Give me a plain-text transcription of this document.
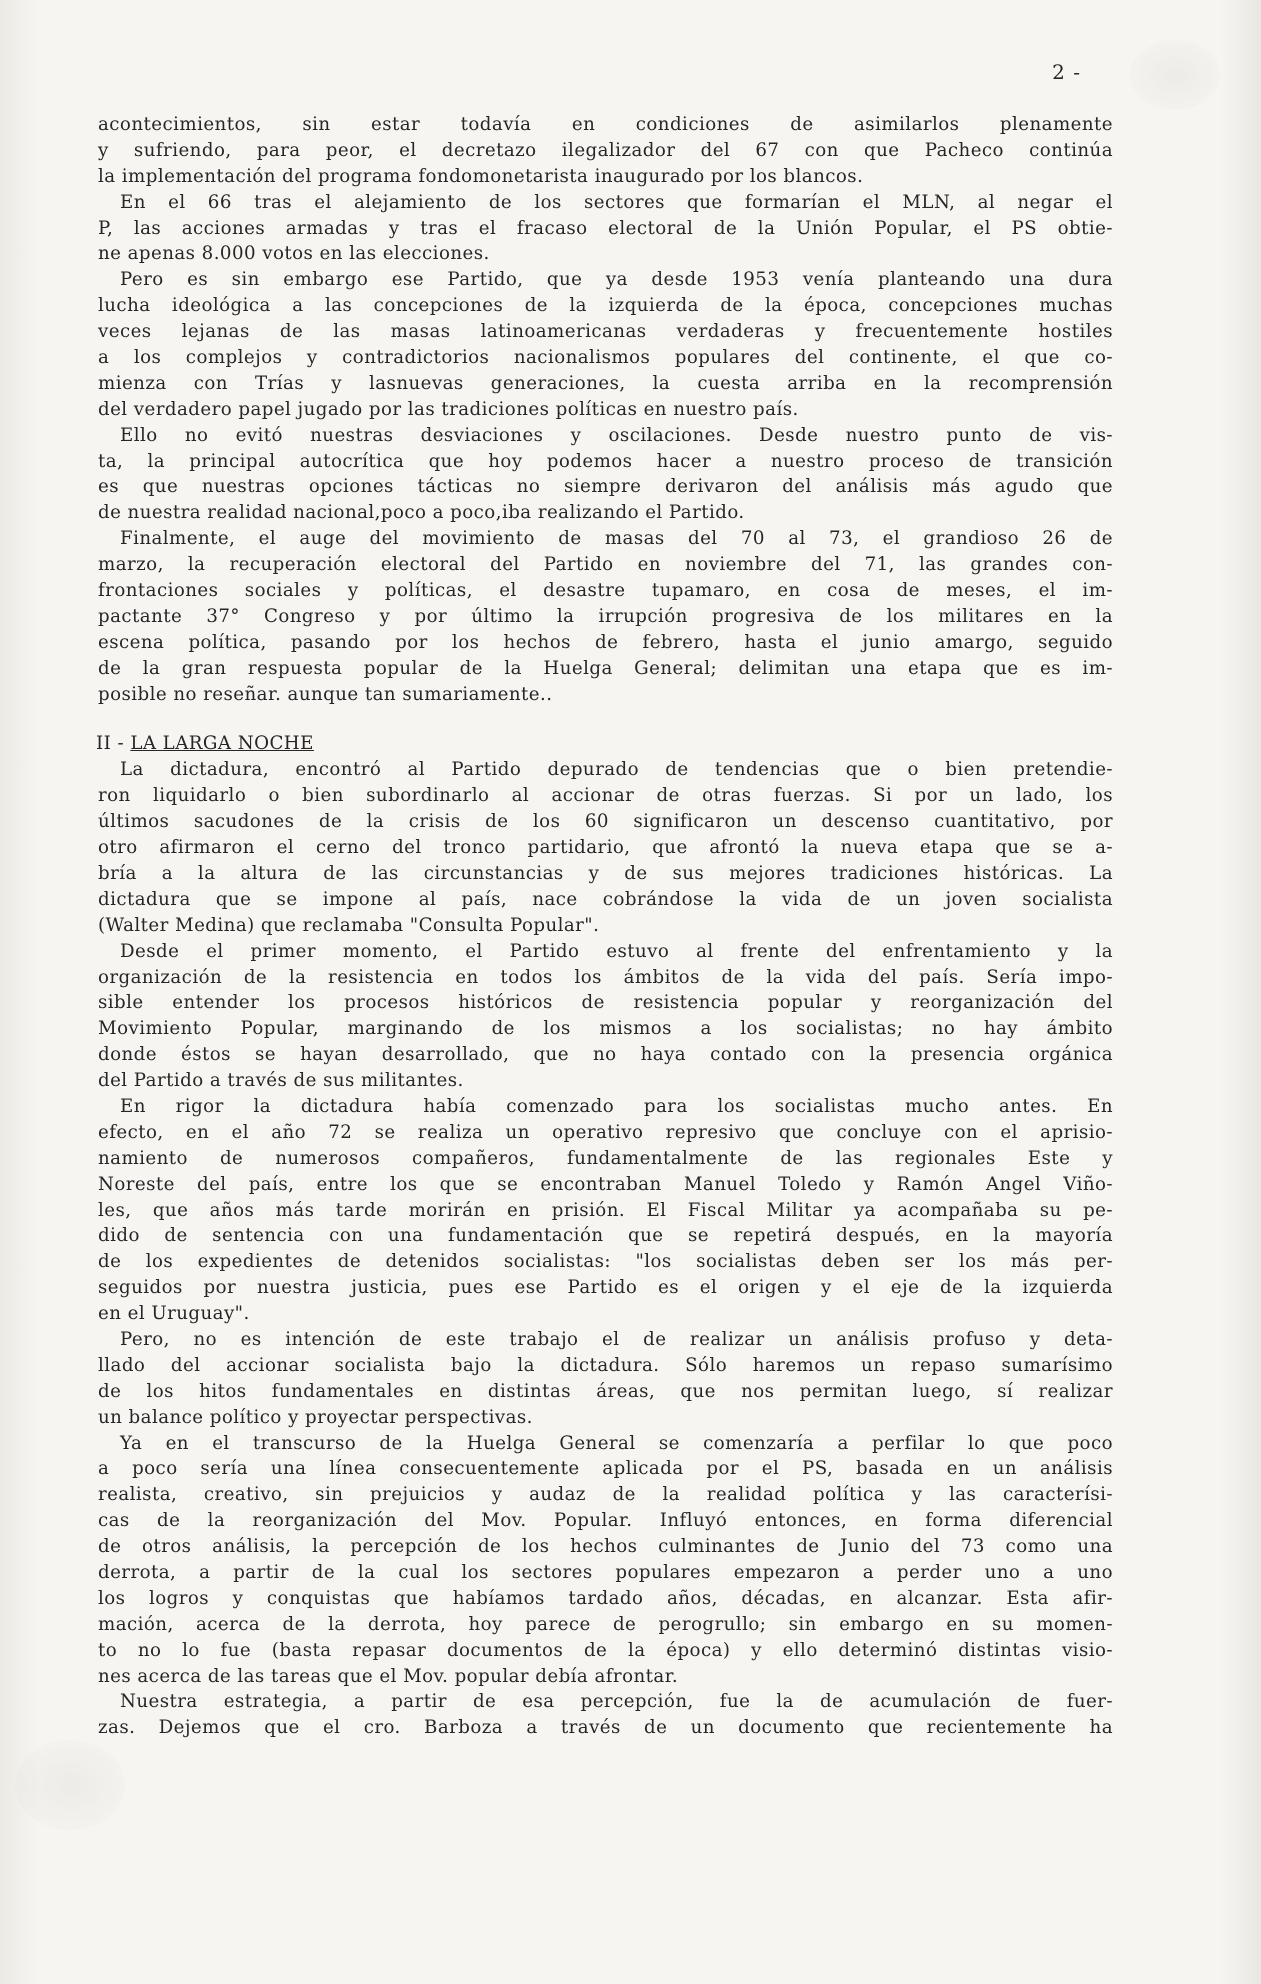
2 -
acontecimientos, sin estar todavía en condiciones de asimilarlos plenamente
y sufriendo, para peor, el decretazo ilegalizador del 67 con que Pacheco continúa
la implementación del programa fondomonetarista inaugurado por los blancos.
En el 66 tras el alejamiento de los sectores que formarían el MLN, al negar el
P, las acciones armadas y tras el fracaso electoral de la Unión Popular, el PS obtie-
ne apenas 8.000 votos en las elecciones.
Pero es sin embargo ese Partido, que ya desde 1953 venía planteando una dura
lucha ideológica a las concepciones de la izquierda de la época, concepciones muchas
veces lejanas de las masas latinoamericanas verdaderas y frecuentemente hostiles
a los complejos y contradictorios nacionalismos populares del continente, el que co-
mienza con Trías y lasnuevas generaciones, la cuesta arriba en la recomprensión
del verdadero papel jugado por las tradiciones políticas en nuestro país.
Ello no evitó nuestras desviaciones y oscilaciones. Desde nuestro punto de vis-
ta, la principal autocrítica que hoy podemos hacer a nuestro proceso de transición
es que nuestras opciones tácticas no siempre derivaron del análisis más agudo que
de nuestra realidad nacional,poco a poco,iba realizando el Partido.
Finalmente, el auge del movimiento de masas del 70 al 73, el grandioso 26 de
marzo, la recuperación electoral del Partido en noviembre del 71, las grandes con-
frontaciones sociales y políticas, el desastre tupamaro, en cosa de meses, el im-
pactante 37° Congreso y por último la irrupción progresiva de los militares en la
escena política, pasando por los hechos de febrero, hasta el junio amargo, seguido
de la gran respuesta popular de la Huelga General; delimitan una etapa que es im-
posible no reseñar. aunque tan sumariamente..
II - LA LARGA NOCHE
La dictadura, encontró al Partido depurado de tendencias que o bien pretendie-
ron liquidarlo o bien subordinarlo al accionar de otras fuerzas. Si por un lado, los
últimos sacudones de la crisis de los 60 significaron un descenso cuantitativo, por
otro afirmaron el cerno del tronco partidario, que afrontó la nueva etapa que se a-
bría a la altura de las circunstancias y de sus mejores tradiciones históricas. La
dictadura que se impone al país, nace cobrándose la vida de un joven socialista
(Walter Medina) que reclamaba "Consulta Popular".
Desde el primer momento, el Partido estuvo al frente del enfrentamiento y la
organización de la resistencia en todos los ámbitos de la vida del país. Sería impo-
sible entender los procesos históricos de resistencia popular y reorganización del
Movimiento Popular, marginando de los mismos a los socialistas; no hay ámbito
donde éstos se hayan desarrollado, que no haya contado con la presencia orgánica
del Partido a través de sus militantes.
En rigor la dictadura había comenzado para los socialistas mucho antes. En
efecto, en el año 72 se realiza un operativo represivo que concluye con el aprisio-
namiento de numerosos compañeros, fundamentalmente de las regionales Este y
Noreste del país, entre los que se encontraban Manuel Toledo y Ramón Angel Viño-
les, que años más tarde morirán en prisión. El Fiscal Militar ya acompañaba su pe-
dido de sentencia con una fundamentación que se repetirá después, en la mayoría
de los expedientes de detenidos socialistas: "los socialistas deben ser los más per-
seguidos por nuestra justicia, pues ese Partido es el origen y el eje de la izquierda
en el Uruguay".
Pero, no es intención de este trabajo el de realizar un análisis profuso y deta-
llado del accionar socialista bajo la dictadura. Sólo haremos un repaso sumarísimo
de los hitos fundamentales en distintas áreas, que nos permitan luego, sí realizar
un balance político y proyectar perspectivas.
Ya en el transcurso de la Huelga General se comenzaría a perfilar lo que poco
a poco sería una línea consecuentemente aplicada por el PS, basada en un análisis
realista, creativo, sin prejuicios y audaz de la realidad política y las caracterísi-
cas de la reorganización del Mov. Popular. Influyó entonces, en forma diferencial
de otros análisis, la percepción de los hechos culminantes de Junio del 73 como una
derrota, a partir de la cual los sectores populares empezaron a perder uno a uno
los logros y conquistas que habíamos tardado años, décadas, en alcanzar. Esta afir-
mación, acerca de la derrota, hoy parece de perogrullo; sin embargo en su momen-
to no lo fue (basta repasar documentos de la época) y ello determinó distintas visio-
nes acerca de las tareas que el Mov. popular debía afrontar.
Nuestra estrategia, a partir de esa percepción, fue la de acumulación de fuer-
zas. Dejemos que el cro. Barboza a través de un documento que recientemente ha
